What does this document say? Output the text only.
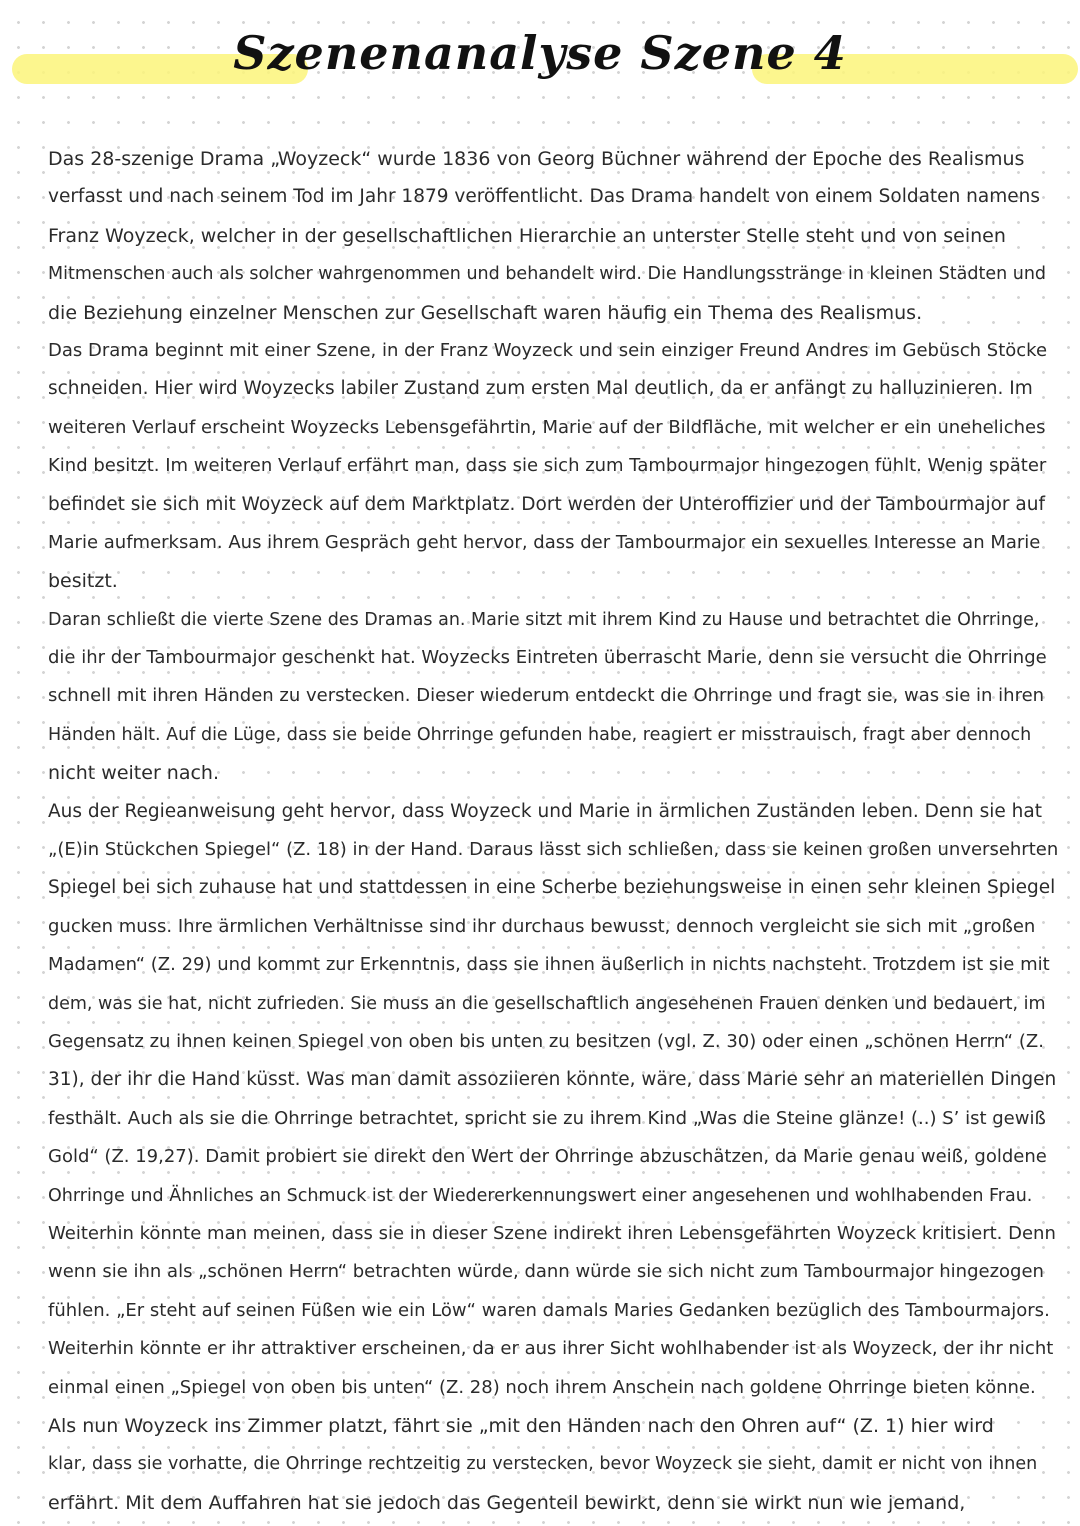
Szenenanalyse Szene 4
Das 28-szenige Drama „Woyzeck“ wurde 1836 von Georg Büchner während der Epoche des Realismus
verfasst und nach seinem Tod im Jahr 1879 veröffentlicht. Das Drama handelt von einem Soldaten namens
Franz Woyzeck, welcher in der gesellschaftlichen Hierarchie an unterster Stelle steht und von seinen
Mitmenschen auch als solcher wahrgenommen und behandelt wird. Die Handlungsstränge in kleinen Städten und
die Beziehung einzelner Menschen zur Gesellschaft waren häufig ein Thema des Realismus.
Das Drama beginnt mit einer Szene, in der Franz Woyzeck und sein einziger Freund Andres im Gebüsch Stöcke
schneiden. Hier wird Woyzecks labiler Zustand zum ersten Mal deutlich, da er anfängt zu halluzinieren. Im
weiteren Verlauf erscheint Woyzecks Lebensgefährtin, Marie auf der Bildfläche, mit welcher er ein uneheliches
Kind besitzt. Im weiteren Verlauf erfährt man, dass sie sich zum Tambourmajor hingezogen fühlt. Wenig später
befindet sie sich mit Woyzeck auf dem Marktplatz. Dort werden der Unteroffizier und der Tambourmajor auf
Marie aufmerksam. Aus ihrem Gespräch geht hervor, dass der Tambourmajor ein sexuelles Interesse an Marie
besitzt.
Daran schließt die vierte Szene des Dramas an. Marie sitzt mit ihrem Kind zu Hause und betrachtet die Ohrringe,
die ihr der Tambourmajor geschenkt hat. Woyzecks Eintreten überrascht Marie, denn sie versucht die Ohrringe
schnell mit ihren Händen zu verstecken. Dieser wiederum entdeckt die Ohrringe und fragt sie, was sie in ihren
Händen hält. Auf die Lüge, dass sie beide Ohrringe gefunden habe, reagiert er misstrauisch, fragt aber dennoch
nicht weiter nach.
Aus der Regieanweisung geht hervor, dass Woyzeck und Marie in ärmlichen Zuständen leben. Denn sie hat
„(E)in Stückchen Spiegel“ (Z. 18) in der Hand. Daraus lässt sich schließen, dass sie keinen großen unversehrten
Spiegel bei sich zuhause hat und stattdessen in eine Scherbe beziehungsweise in einen sehr kleinen Spiegel
gucken muss. Ihre ärmlichen Verhältnisse sind ihr durchaus bewusst, dennoch vergleicht sie sich mit „großen
Madamen“ (Z. 29) und kommt zur Erkenntnis, dass sie ihnen äußerlich in nichts nachsteht. Trotzdem ist sie mit
dem, was sie hat, nicht zufrieden. Sie muss an die gesellschaftlich angesehenen Frauen denken und bedauert, im
Gegensatz zu ihnen keinen Spiegel von oben bis unten zu besitzen (vgl. Z. 30) oder einen „schönen Herrn“ (Z.
31), der ihr die Hand küsst. Was man damit assoziieren könnte, wäre, dass Marie sehr an materiellen Dingen
festhält. Auch als sie die Ohrringe betrachtet, spricht sie zu ihrem Kind „Was die Steine glänze! (..) S’ ist gewiß
Gold“ (Z. 19,27). Damit probiert sie direkt den Wert der Ohrringe abzuschätzen, da Marie genau weiß, goldene
Ohrringe und Ähnliches an Schmuck ist der Wiedererkennungswert einer angesehenen und wohlhabenden Frau.
Weiterhin könnte man meinen, dass sie in dieser Szene indirekt ihren Lebensgefährten Woyzeck kritisiert. Denn
wenn sie ihn als „schönen Herrn“ betrachten würde, dann würde sie sich nicht zum Tambourmajor hingezogen
fühlen. „Er steht auf seinen Füßen wie ein Löw“ waren damals Maries Gedanken bezüglich des Tambourmajors.
Weiterhin könnte er ihr attraktiver erscheinen, da er aus ihrer Sicht wohlhabender ist als Woyzeck, der ihr nicht
einmal einen „Spiegel von oben bis unten“ (Z. 28) noch ihrem Anschein nach goldene Ohrringe bieten könne.
Als nun Woyzeck ins Zimmer platzt, fährt sie „mit den Händen nach den Ohren auf“ (Z. 1) hier wird
klar, dass sie vorhatte, die Ohrringe rechtzeitig zu verstecken, bevor Woyzeck sie sieht, damit er nicht von ihnen
erfährt. Mit dem Auffahren hat sie jedoch das Gegenteil bewirkt, denn sie wirkt nun wie jemand,
